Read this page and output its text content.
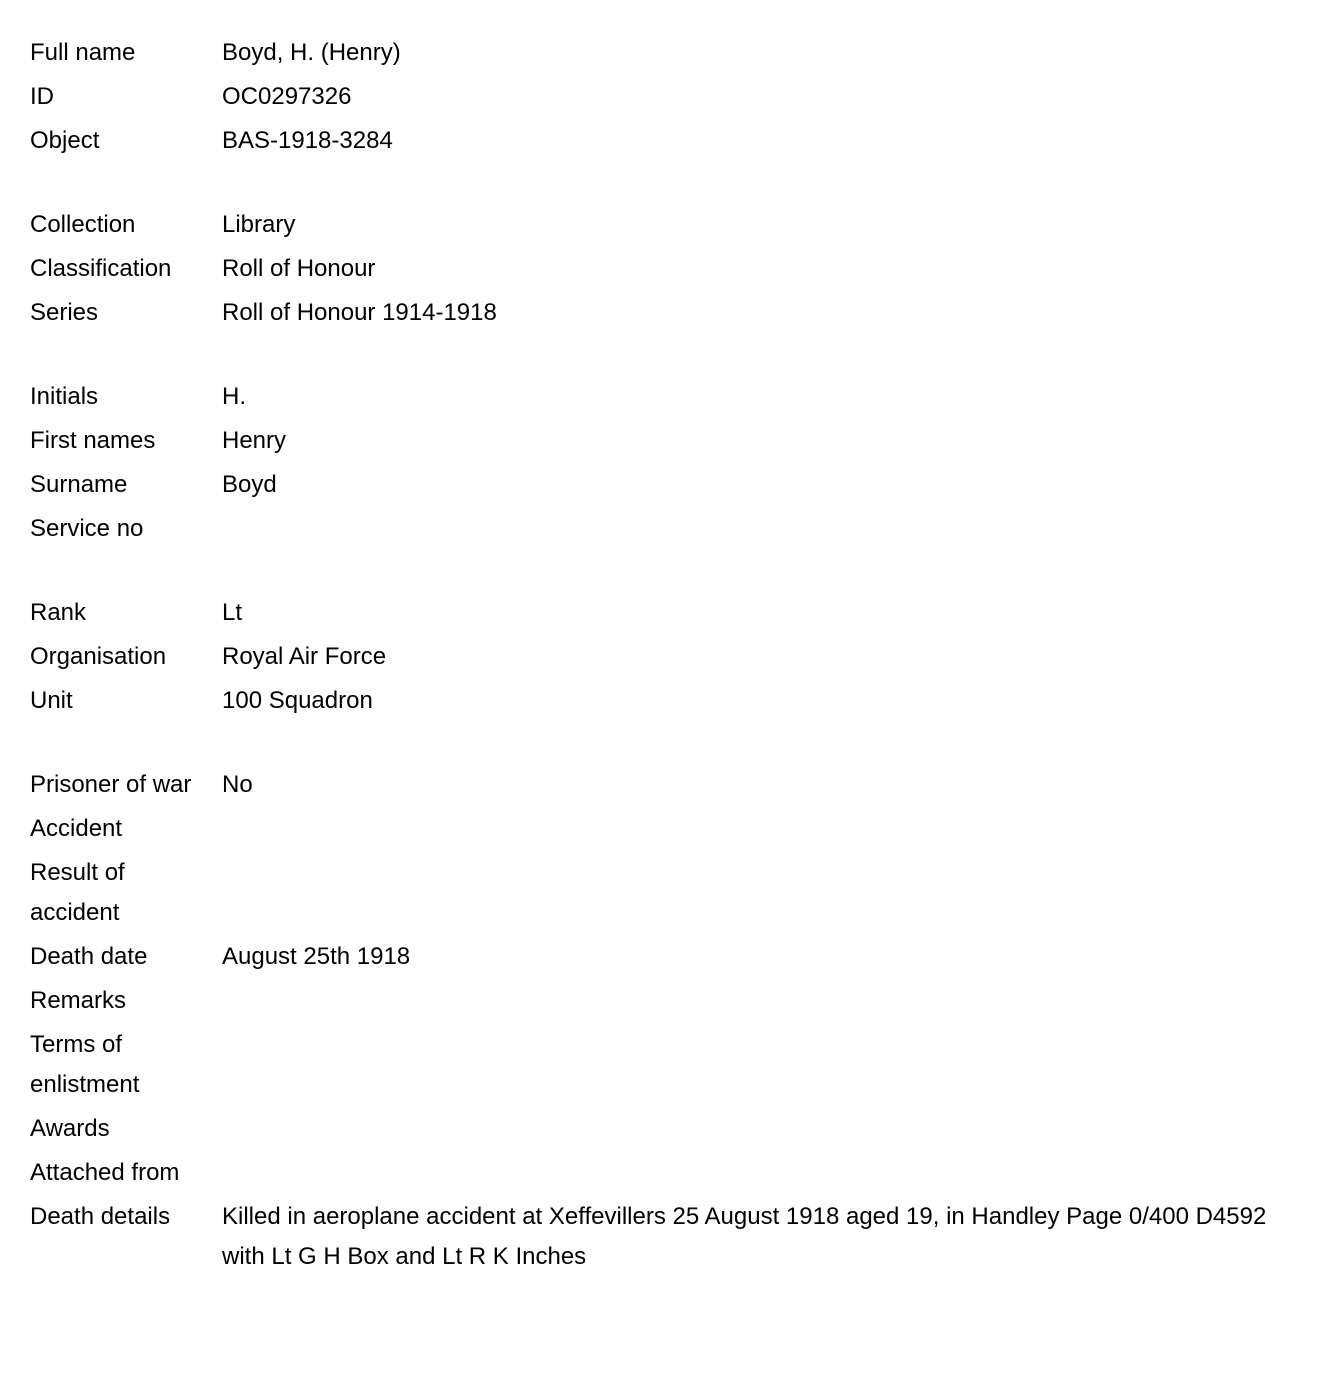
Full name	Boyd, H. (Henry)
ID	OC0297326
Object	BAS-1918-3284
Collection	Library
Classification	Roll of Honour
Series	Roll of Honour 1914-1918
Initials	H.
First names	Henry
Surname	Boyd
Service no
Rank	Lt
Organisation	Royal Air Force
Unit	100 Squadron
Prisoner of war	No
Accident
Result of accident
Death date	August 25th 1918
Remarks
Terms of enlistment
Awards
Attached from
Death details	Killed in aeroplane accident at Xeffevillers 25 August 1918 aged 19, in Handley Page 0/400 D4592 with Lt G H Box and Lt R K Inches
